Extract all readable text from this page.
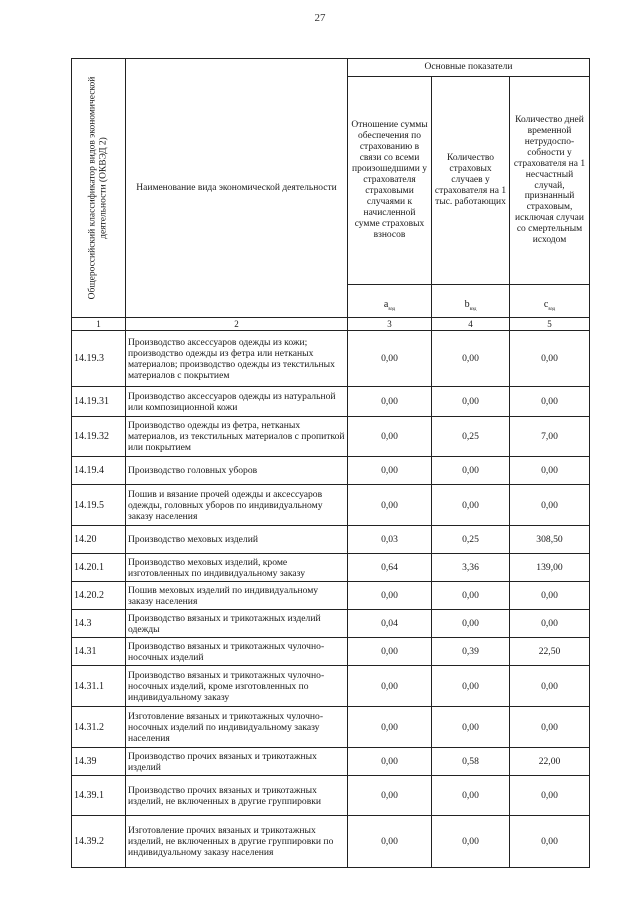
27
Общероссийский классификатор видов экономической деятельности (ОКВЭД 2)	Наименование вида экономической деятельности	Основные показатели		
		Отношение суммы обеспечения по страхованию в связи со всеми произошедшими у страхователя страховыми случаями к начисленной сумме страховых взносов	Количество страховых случаев у страхователя на 1 тыс. работающих	Количество дней временной нетрудоспо-собности у страхователя на 1 несчастный случай, признанный страховым, исключая случаи со смертельным исходом
		$a_{вэд}$	$b_{вэд}$	$c_{вэд}$
1	2	3	4	5
14.19.3	Производство аксессуаров одежды из кожи; производство одежды из фетра или нетканых материалов; производство одежды из текстильных материалов с покрытием	0,00	0,00	0,00
14.19.31	Производство аксессуаров одежды из натуральной или композиционной кожи	0,00	0,00	0,00
14.19.32	Производство одежды из фетра, нетканых материалов, из текстильных материалов с пропиткой или покрытием	0,00	0,25	7,00
14.19.4	Производство головных уборов	0,00	0,00	0,00
14.19.5	Пошив и вязание прочей одежды и аксессуаров одежды, головных уборов по индивидуальному заказу населения	0,00	0,00	0,00
14.20	Производство меховых изделий	0,03	0,25	308,50
14.20.1	Производство меховых изделий, кроме изготовленных по индивидуальному заказу	0,64	3,36	139,00
14.20.2	Пошив меховых изделий по индивидуальному заказу населения	0,00	0,00	0,00
14.3	Производство вязаных и трикотажных изделий одежды	0,04	0,00	0,00
14.31	Производство вязаных и трикотажных чулочно-носочных изделий	0,00	0,39	22,50
14.31.1	Производство вязаных и трикотажных чулочно-носочных изделий, кроме изготовленных по индивидуальному заказу	0,00	0,00	0,00
14.31.2	Изготовление вязаных и трикотажных чулочно-носочных изделий по индивидуальному заказу населения	0,00	0,00	0,00
14.39	Производство прочих вязаных и трикотажных изделий	0,00	0,58	22,00
14.39.1	Производство прочих вязаных и трикотажных изделий, не включенных в другие группировки	0,00	0,00	0,00
14.39.2	Изготовление прочих вязаных и трикотажных изделий, не включенных в другие группировки по индивидуальному заказу населения	0,00	0,00	0,00
